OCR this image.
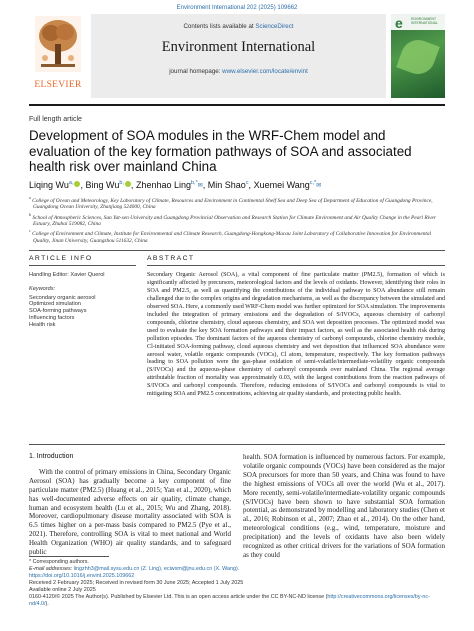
Environment International 202 (2025) 109662
ELSEVIER
Contents lists available at ScienceDirect
Environment International
journal homepage: www.elsevier.com/locate/envint
e ENVIRONMENT INTERNATIONAL
Full length article
Development of SOA modules in the WRF-Chem model and evaluation of the key formation pathways of SOA and associated health risk over mainland China
Liqing $Wu^{a,}$ , Bing $Wu^{b,}$ , Zhenhao Ling$^{b,*}$✉, Min Shao$^c$, Xuemei Wang$^{c,*}$✉

$^a$ College of Ocean and Meteorology, Key Laboratory of Climate, Resources and Environment in Continental Shelf Sea and Deep Sea of Department of Education of Guangdong Province, Guangdong Ocean University, Zhanjiang 524000, China

$^b$ School of Atmospheric Sciences, Sun Yat-sen University and Guangdong Provincial Observation and Research Station for Climate Environment and Air Quality Change in the Pearl River Estuary, Zhuhai 519082, China

$^c$ College of Environment and Climate, Institute for Environmental and Climate Research, Guangdong-Hongkong-Macau Joint Laboratory of Collaborative Innovation for Environmental Quality, Jinan University, Guangzhou 511632, China

ARTICLE INFO
Handling Editor: Xavier Querol
Keywords:
Secondary organic aerosol
Optimized simulation
SOA-forming pathways
Influencing factors
Health risk
ABSTRACT
Secondary Organic Aerosol (SOA), a vital component of fine particulate matter (PM2.5), formation of which is significantly affected by precursors, meteorological factors and the levels of oxidants. However, identifying their roles in SOA and PM2.5, as well as quantifying the contributions of the individual pathway to SOA abundance still remain challenged due to the complex origins and degradation mechanisms, as well as the discrepancy between the simulated and observed SOA. Here, a commonly used WRF-Chem model was further optimized for SOA simulation. The improvements included the integration of primary emissions and the degradation of S/IVOCs, aqueous chemistry of carbonyl compounds, chlorine chemistry, cloud aqueous chemistry, and SOA wet deposition processes. The optimized model was used to evaluate the key SOA formation pathways and their impact factors, as well as the associated health risk during pollution episodes. The dominant factors of the aqueous chemistry of carbonyl compounds, chlorine chemistry module, Cl-initiated SOA-forming pathway, cloud aqueous chemistry and wet deposition that influenced SOA abundance were aerosol water, volatile organic compounds (VOCs), Cl atom, temperature, respectively. The key formation pathways leading to SOA pollution were the gas-phase oxidation of semi-volatile/intermediate-volatility organic compounds (S/IVOCs) and the aqueous-phase chemistry of carbonyl compounds over mainland China. The regional average attributable fraction of mortality was approximately 0.03, with the largest contributions from the reaction pathways of S/IVOCs and carbonyl compounds. Therefore, reducing emissions of S/IVOCs and carbonyl compounds is vital to mitigating SOA and PM2.5 concentrations, achieving air quality standards, and protecting public health.
1. Introduction
With the control of primary emissions in China, Secondary Organic Aerosol (SOA) has gradually become a key component of fine particulate matter (PM2.5) (Huang et al., 2015; Yan et al., 2020), which has well-documented adverse effects on air quality, climate change, human and ecosystem health (Lu et al., 2015; Wu and Zhang, 2018). Moreover, cardiopulmonary disease mortality associated with SOA is 6.5 times higher on a per-mass basis compared to PM2.5 (Pye et al., 2021). Therefore, controlling SOA is vital to meet national and World Health Organization (WHO) air quality standards, and to safeguard public
health. SOA formation is influenced by numerous factors. For example, volatile organic compounds (VOCs) have been considered as the major SOA precursors for more than 50 years, and China was found to have the highest emissions of VOCs all over the world (Wu et al., 2017). More recently, semi-volatile/intermediate-volatility organic compounds (S/IVOCs) have been shown to have substantial SOA formation potential, as demonstrated by modelling and laboratory studies (Chen et al., 2016; Robinson et al., 2007; Zhao et al., 2014). On the other hand, meteorological conditions (e.g., wind, temperature, moisture and precipitation) and the levels of oxidants have also been widely recognized as other critical drivers for the variations of SOA formation as they could
* Corresponding authors.
E-mail addresses: lingzhh3@mail.sysu.edu.cn (Z. Ling), eciwxm@jnu.edu.cn (X. Wang).
https://doi.org/10.1016/j.envint.2025.109662
Received 2 February 2025; Received in revised form 30 June 2025; Accepted 1 July 2025
Available online 2 July 2025
0160-4120/© 2025 The Author(s). Published by Elsevier Ltd. This is an open access article under the CC BY-NC-ND license (http://creativecommons.org/licenses/by-nc-nd/4.0/).
